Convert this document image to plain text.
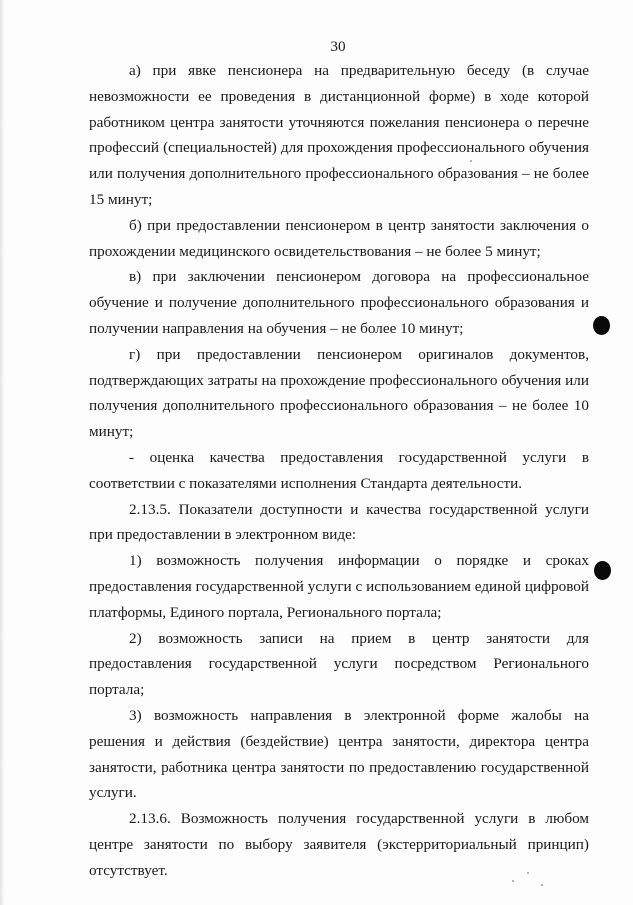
30

а) при явке пенсионера на предварительную беседу (в случае невозможности ее проведения в дистанционной форме) в ходе которой работником центра занятости уточняются пожелания пенсионера о перечне профессий (специальностей) для прохождения профессионального обучения или получения дополнительного профессионального образования – не более 15 минут;

б) при предоставлении пенсионером в центр занятости заключения о прохождении медицинского освидетельствования – не более 5 минут;

в) при заключении пенсионером договора на профессиональное обучение и получение дополнительного профессионального образования и получении направления на обучения – не более 10 минут;

г) при предоставлении пенсионером оригиналов документов, подтверждающих затраты на прохождение профессионального обучения или получения дополнительного профессионального образования – не более 10 минут;

- оценка качества предоставления государственной услуги в соответствии с показателями исполнения Стандарта деятельности.

2.13.5. Показатели доступности и качества государственной услуги при предоставлении в электронном виде:

1) возможность получения информации о порядке и сроках предоставления государственной услуги с использованием единой цифровой платформы, Единого портала, Регионального портала;

2) возможность записи на прием в центр занятости для предоставления государственной услуги посредством Регионального портала;

3) возможность направления в электронной форме жалобы на решения и действия (бездействие) центра занятости, директора центра занятости, работника центра занятости по предоставлению государственной услуги.

2.13.6. Возможность получения государственной услуги в любом центре занятости по выбору заявителя (экстерриториальный принцип) отсутствует.
